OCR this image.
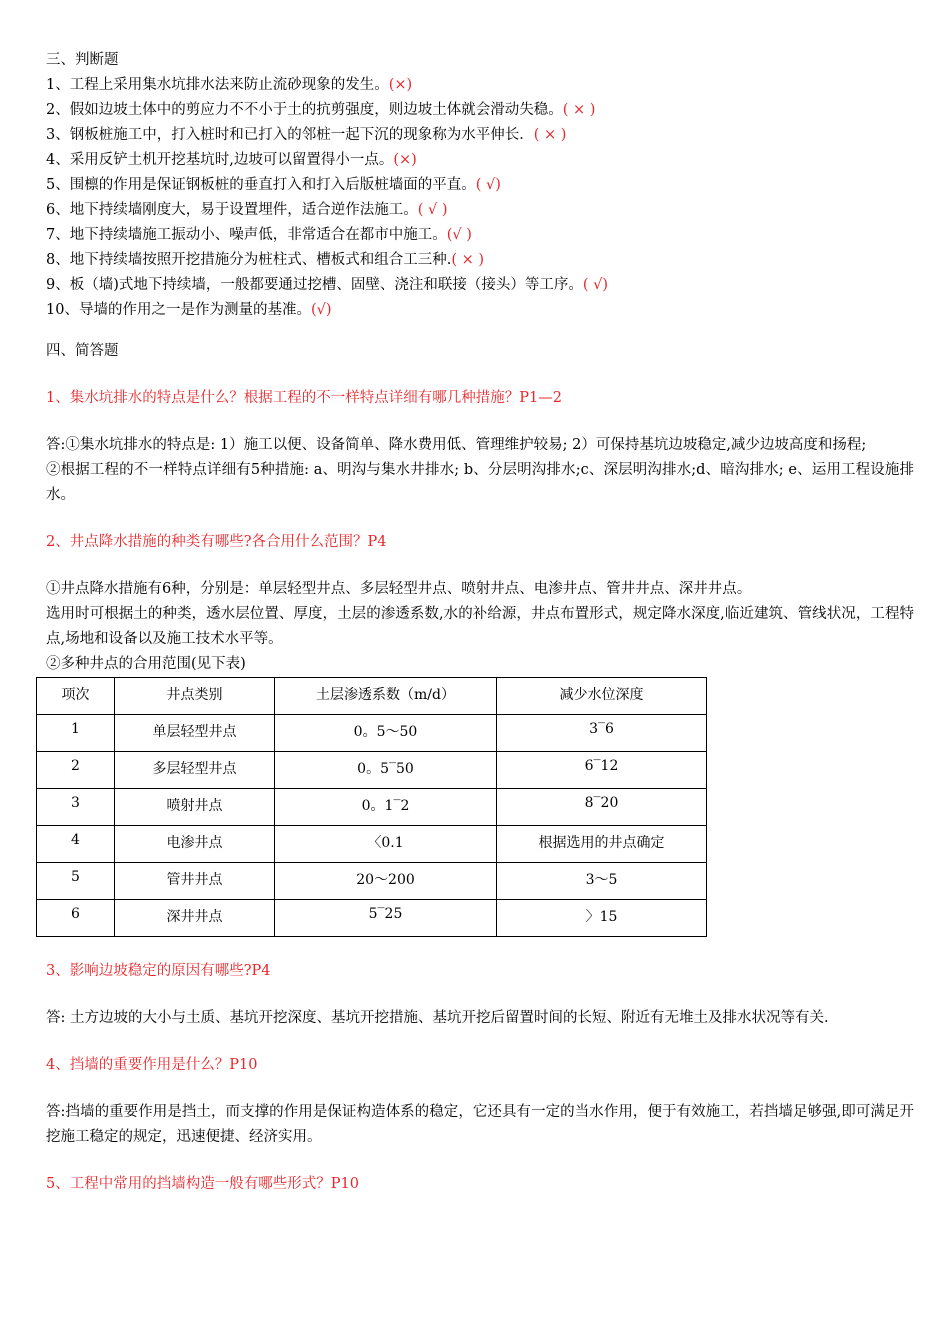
三、判断题
1、工程上采用集水坑排水法来防止流砂现象的发生。(×)
2、假如边坡土体中的剪应力不不小于土的抗剪强度，则边坡土体就会滑动失稳。( × )
3、钢板桩施工中，打入桩时和已打入的邻桩一起下沉的现象称为水平伸长．( × )
4、采用反铲土机开挖基坑时,边坡可以留置得小一点。(×)
5、围檩的作用是保证钢板桩的垂直打入和打入后版桩墙面的平直。( √)
6、地下持续墙刚度大，易于设置埋件，适合逆作法施工。( √ )
7、地下持续墙施工振动小、噪声低，非常适合在都市中施工。(√ )
8、地下持续墙按照开挖措施分为桩柱式、槽板式和组合工三种.( × )
9、板（墙)式地下持续墙，一般都要通过挖槽、固壁、浇注和联接（接头）等工序。( √)
10、导墙的作用之一是作为测量的基准。(√)
四、简答题
1、集水坑排水的特点是什么？根据工程的不一样特点详细有哪几种措施？P1—2
答:①集水坑排水的特点是: 1）施工以便、设备简单、降水费用低、管理维护较易; 2）可保持基坑边坡稳定,减少边坡高度和扬程;
②根据工程的不一样特点详细有5种措施: a、明沟与集水井排水; b、分层明沟排水;c、深层明沟排水;d、暗沟排水; e、运用工程设施排水。
2、井点降水措施的种类有哪些?各合用什么范围？P4
①井点降水措施有6种，分别是：单层轻型井点、多层轻型井点、喷射井点、电渗井点、管井井点、深井井点。
选用时可根据土的种类，透水层位置、厚度，土层的渗透系数,水的补给源，井点布置形式，规定降水深度,临近建筑、管线状况，工程特点,场地和设备以及施工技术水平等。
②多种井点的合用范围(见下表)
项次	井点类别	土层渗透系数（m/d）	减少水位深度
1	单层轻型井点	0。5～50	3‾6
2	多层轻型井点	0。5‾50	6‾12
3	喷射井点	0。1‾2	8‾20
4	电渗井点	〈0.1	根据选用的井点确定
5	管井井点	20～200	3～5
6	深井井点	5‾25	〉15
3、影响边坡稳定的原因有哪些?P4
答: 土方边坡的大小与土质、基坑开挖深度、基坑开挖措施、基坑开挖后留置时间的长短、附近有无堆土及排水状况等有关.
4、挡墙的重要作用是什么？P10
答:挡墙的重要作用是挡土，而支撑的作用是保证构造体系的稳定，它还具有一定的当水作用，便于有效施工，若挡墙足够强,即可满足开挖施工稳定的规定，迅速便捷、经济实用。
5、工程中常用的挡墙构造一般有哪些形式？P10
